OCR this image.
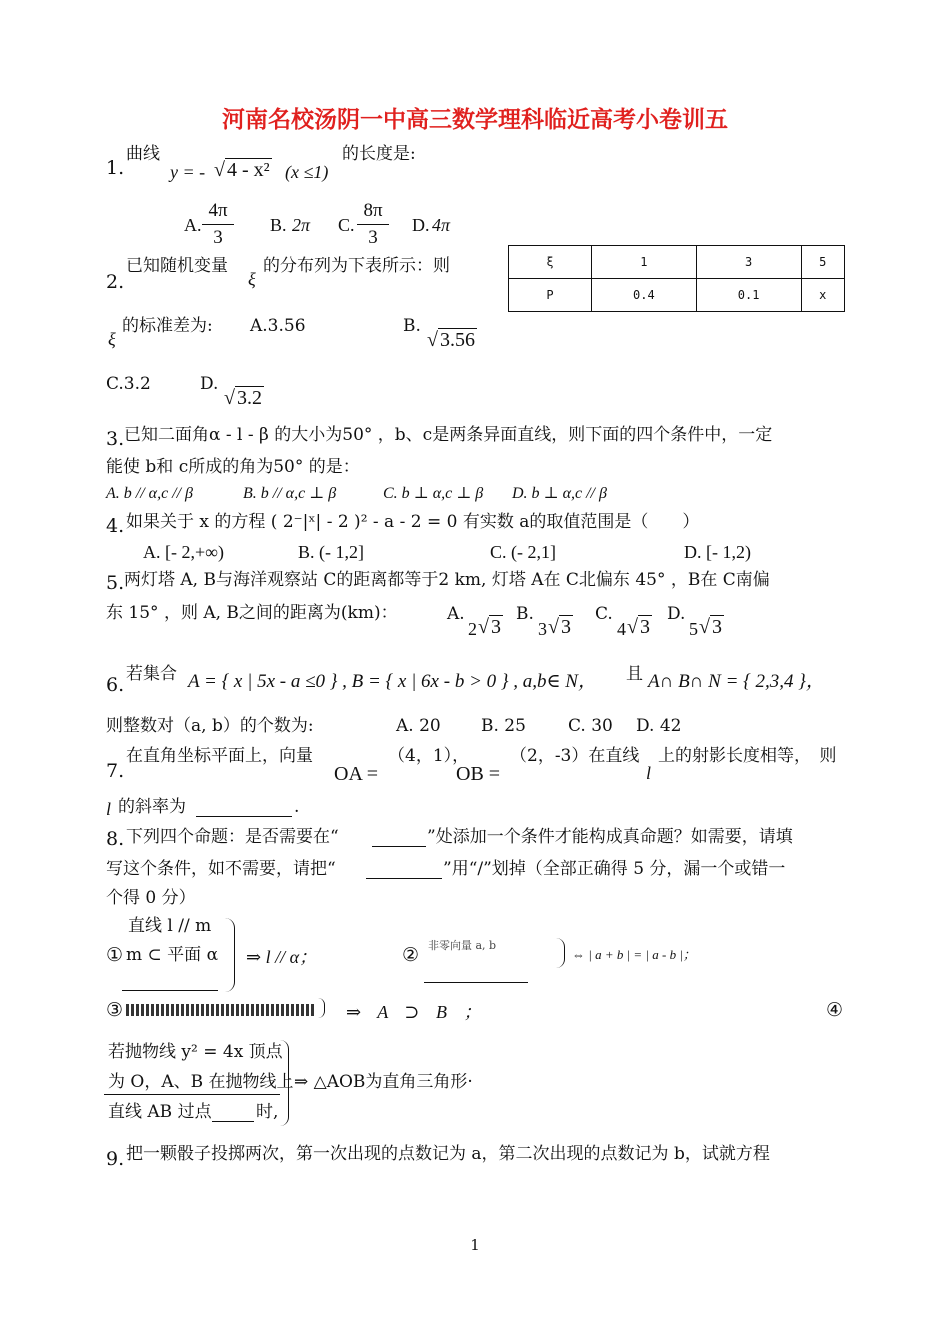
河南名校汤阴一中高三数学理科临近高考小卷训五
1.
曲线
y = - √ 4 - x² (x ≤1)
的长度是:
A.
4π
3
B. 2π C.
8π
3
D. 4π
2.
已知随机变量
ξ
的分布列为下表所示：则	ξ	1	3	5
P	0.4	0.1	x
ξ
的标准差为: A.3.56	B.
√ 3.56
C.3.2	D.
√ 3.2
3. 已知二面角α - l - β 的大小为50° ，b、c是两条异面直线，则下面的四个条件中，一定
能使 b和 c所成的角为50° 的是：
A. b // α,c // β	B. b // α,c ⊥ β	C. b ⊥ α,c ⊥ β D. b ⊥ α,c // β
4. 如果关于 x 的方程 ( 2⁻|ˣ| - 2 )² - a - 2 = 0 有实数 a的取值范围是（　　）
A. [- 2,+∞)	B. (- 1,2]	C. (- 2,1]	D. [- 1,2)
5. 两灯塔 A, B与海洋观察站 C的距离都等于2 km, 灯塔 A在 C北偏东 45° ，B在 C南偏
东 15° ，则 A, B之间的距离为(km)：	A.
2 √ 3
B.
3 √ 3
C.
4 √ 3
D.
5 √ 3
6. 若集合 A = { x | 5x - a ≤0 } , B = { x | 6x - b > 0 } , a,b∈ N， 且 A∩ B∩ N = { 2,3,4 }，
则整数对（a, b）的个数为:	A. 20 B. 25 C. 30 D. 42
7.
在直角坐标平面上，向量
OA =
（4，1），
OB =
（2，-3）在直线
l
上的射影长度相等，　则
l 的斜率为	.
8. 下列四个命题：是否需要在“	”处添加一个条件才能构成真命题？如需要，请填
写这个条件，如不需要，请把“	”用“/”划掉（全部正确得 5 分，漏一个或错一
个得 0 分）
直线 l // m
① m ⊂ 平面 α ⇒ l // α；	② 非零向量 a, b
⇔ | a + b | = | a - b |；
③	⇒ A ⊃ B ；	④
若抛物线 y² = 4x 顶点
为 O，A、B 在抛物线上
直线 AB 过点	时,
⇒ △AOB为直角三角形·
9. 把一颗骰子投掷两次，第一次出现的点数记为 a，第二次出现的点数记为 b，试就方程
1
